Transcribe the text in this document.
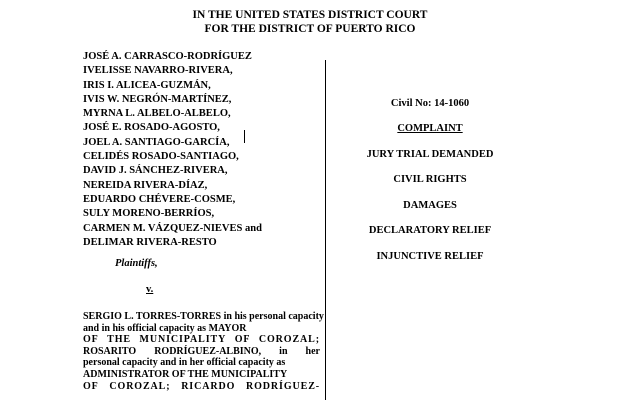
IN THE UNITED STATES DISTRICT COURT
FOR THE DISTRICT OF PUERTO RICO
JOSÉ A. CARRASCO-RODRÍGUEZ
IVELISSE NAVARRO-RIVERA,
IRIS I. ALICEA-GUZMÁN,
IVIS W. NEGRÓN-MARTÍNEZ,
MYRNA L. ALBELO-ALBELO,
JOSÉ E. ROSADO-AGOSTO,
JOEL A. SANTIAGO-GARCÍA,
CELIDÉS ROSADO-SANTIAGO,
DAVID J. SÁNCHEZ-RIVERA,
NEREIDA RIVERA-DÍAZ,
EDUARDO CHÉVERE-COSME,
SULY MORENO-BERRÍOS,
CARMEN M. VÁZQUEZ-NIEVES and
DELIMAR RIVERA-RESTO
Plaintiffs,
v.
SERGIO L. TORRES-TORRES in his personal capacity
and in his official capacity as MAYOR
OF THE MUNICIPALITY OF COROZAL;
ROSARITO RODRÍGUEZ-ALBINO, in her
personal capacity and in her official capacity as
ADMINISTRATOR OF THE MUNICIPALITY
OF COROZAL; RICARDO RODRÍGUEZ-
Civil No: 14-1060
COMPLAINT
JURY TRIAL DEMANDED
CIVIL RIGHTS
DAMAGES
DECLARATORY RELIEF
INJUNCTIVE RELIEF
